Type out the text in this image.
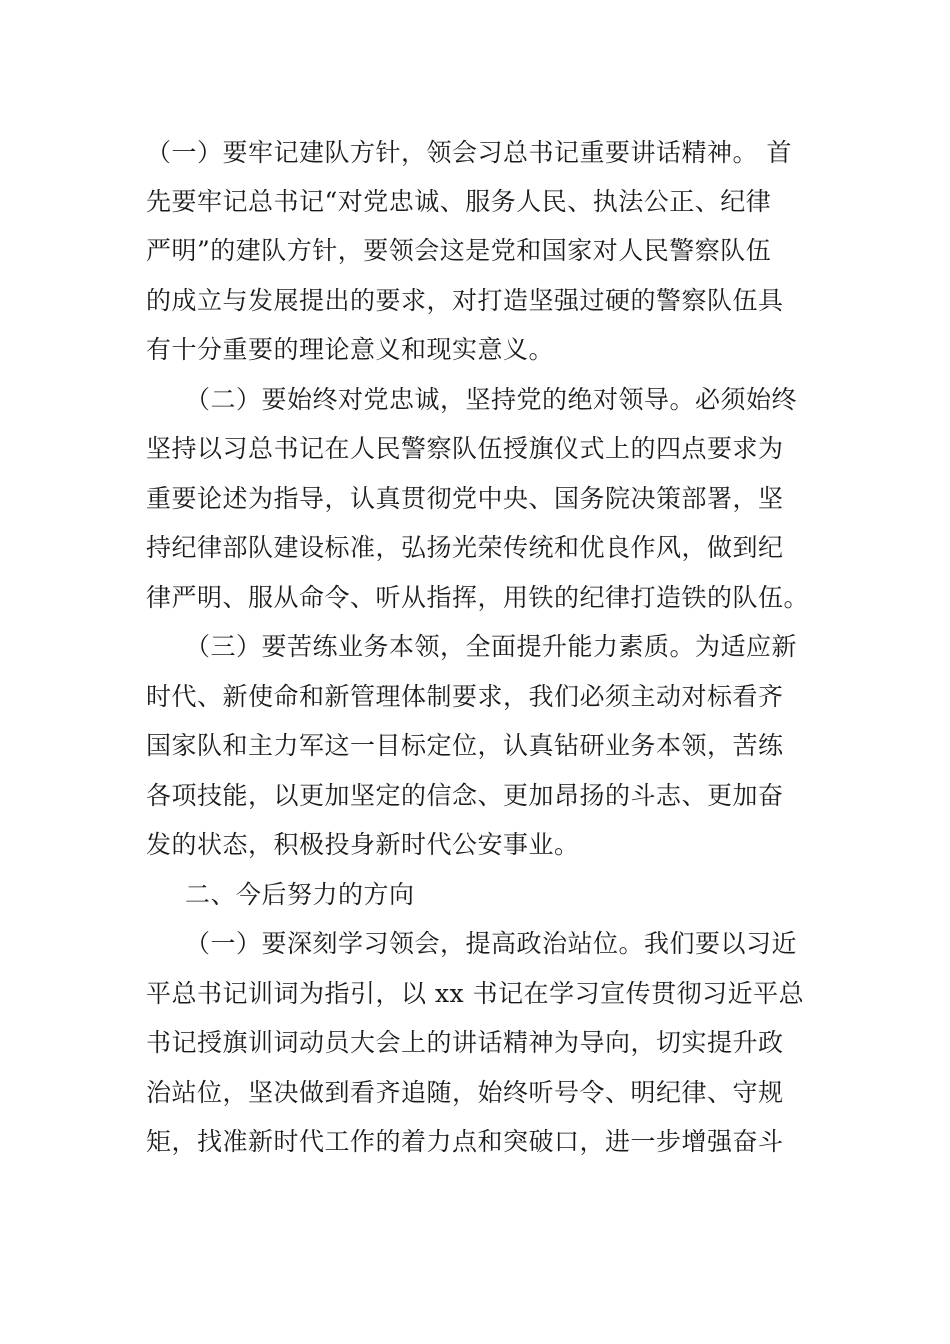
（一）要牢记建队方针，领会习总书记重要讲话精神。 首
先要牢记总书记“对党忠诚、服务人民、执法公正、纪律
严明”的建队方针，要领会这是党和国家对人民警察队伍
的成立与发展提出的要求，对打造坚强过硬的警察队伍具
有十分重要的理论意义和现实意义。
（二）要始终对党忠诚，坚持党的绝对领导。必须始终
坚持以习总书记在人民警察队伍授旗仪式上的四点要求为
重要论述为指导，认真贯彻党中央、国务院决策部署，坚
持纪律部队建设标准，弘扬光荣传统和优良作风，做到纪
律严明、服从命令、听从指挥，用铁的纪律打造铁的队伍。
（三）要苦练业务本领，全面提升能力素质。为适应新
时代、新使命和新管理体制要求，我们必须主动对标看齐
国家队和主力军这一目标定位，认真钻研业务本领，苦练
各项技能，以更加坚定的信念、更加昂扬的斗志、更加奋
发的状态，积极投身新时代公安事业。
二、今后努力的方向
（一）要深刻学习领会，提高政治站位。我们要以习近
平总书记训词为指引，以 xx 书记在学习宣传贯彻习近平总
书记授旗训词动员大会上的讲话精神为导向，切实提升政
治站位，坚决做到看齐追随，始终听号令、明纪律、守规
矩，找准新时代工作的着力点和突破口，进一步增强奋斗
